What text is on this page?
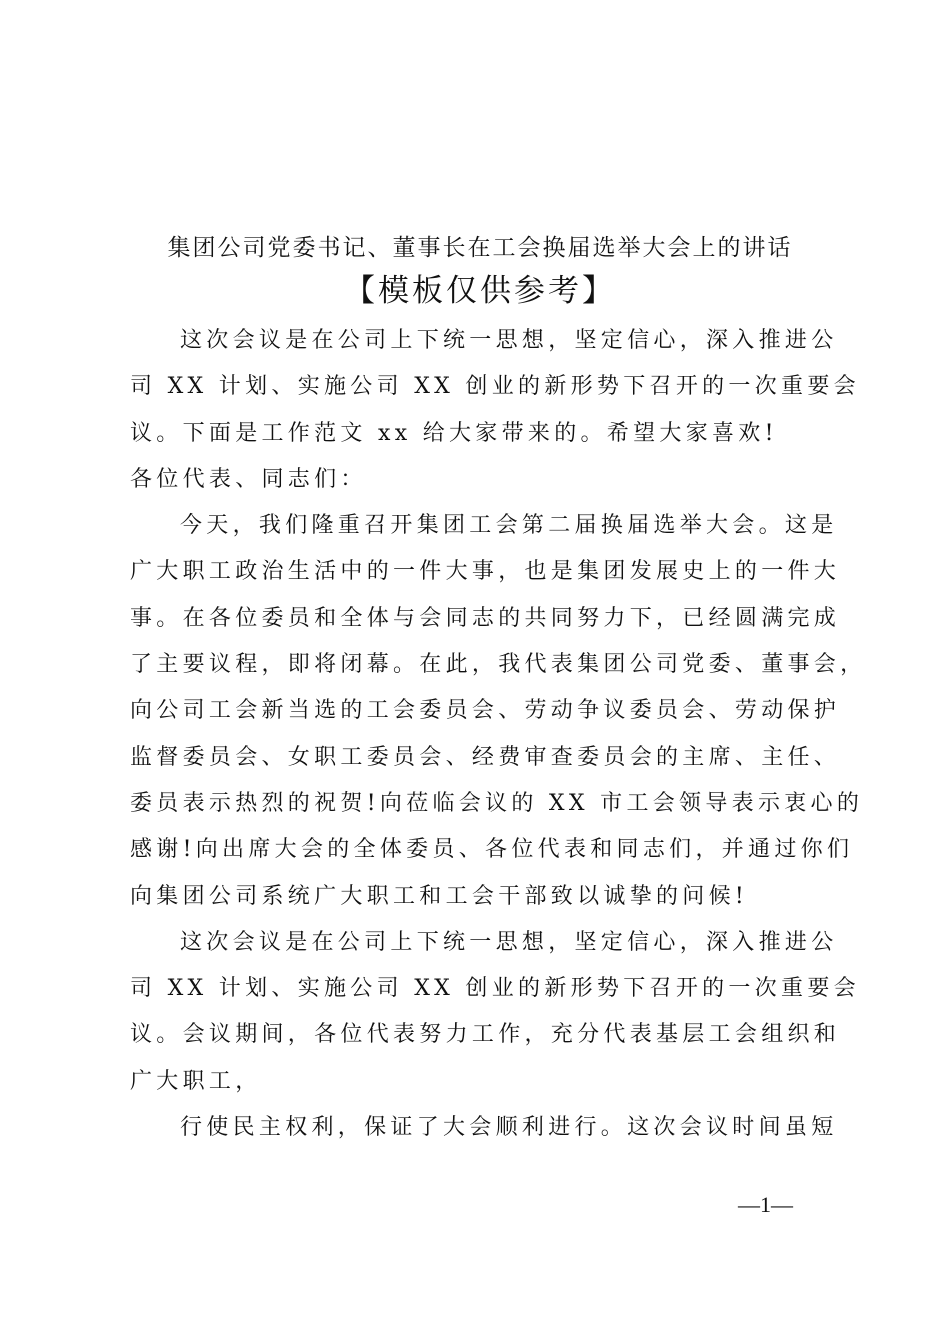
集团公司党委书记、董事长在工会换届选举大会上的讲话
【模板仅供参考】
这次会议是在公司上下统一思想，坚定信心，深入推进公
司 XX 计划、实施公司 XX 创业的新形势下召开的一次重要会
议。下面是工作范文 xx 给大家带来的。希望大家喜欢!
各位代表、同志们：
今天，我们隆重召开集团工会第二届换届选举大会。这是
广大职工政治生活中的一件大事，也是集团发展史上的一件大
事。在各位委员和全体与会同志的共同努力下，已经圆满完成
了主要议程，即将闭幕。在此，我代表集团公司党委、董事会，
向公司工会新当选的工会委员会、劳动争议委员会、劳动保护
监督委员会、女职工委员会、经费审查委员会的主席、主任、
委员表示热烈的祝贺!向莅临会议的 XX 市工会领导表示衷心的
感谢!向出席大会的全体委员、各位代表和同志们，并通过你们
向集团公司系统广大职工和工会干部致以诚挚的问候!
这次会议是在公司上下统一思想，坚定信心，深入推进公
司 XX 计划、实施公司 XX 创业的新形势下召开的一次重要会
议。会议期间，各位代表努力工作，充分代表基层工会组织和
广大职工，
行使民主权利，保证了大会顺利进行。这次会议时间虽短
—1—
